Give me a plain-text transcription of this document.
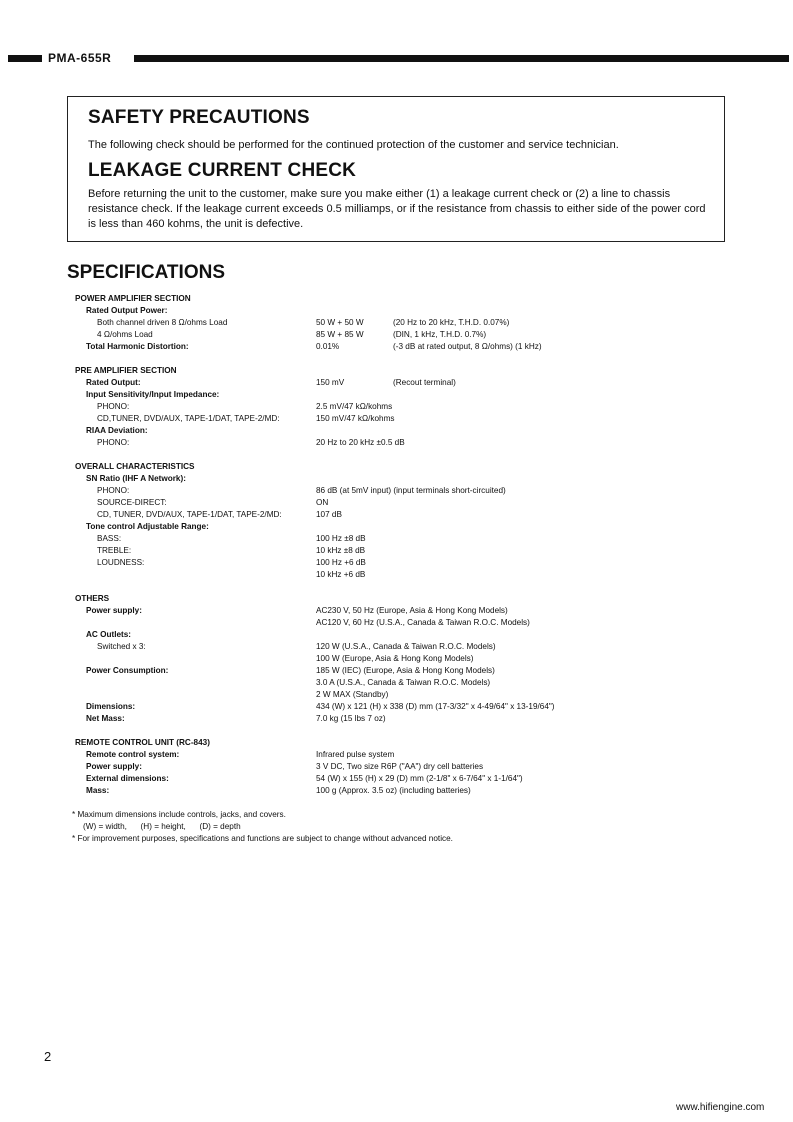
PMA-655R
SAFETY PRECAUTIONS
The following check should be performed for the continued protection of the customer and service technician.
LEAKAGE CURRENT CHECK
Before returning the unit to the customer, make sure you make either (1) a leakage current check or (2) a line to chassis resistance check. If the leakage current exceeds 0.5 milliamps, or if the resistance from chassis to either side of the power cord is less than 460 kohms, the unit is defective.
SPECIFICATIONS
POWER AMPLIFIER SECTION
Rated Output Power:
Both channel driven 8 Ω/ohms Load	50 W + 50 W	(20 Hz to 20 kHz, T.H.D. 0.07%)
4 Ω/ohms Load	85 W + 85 W	(DIN, 1 kHz, T.H.D. 0.7%)
Total Harmonic Distortion:	0.01%	(-3 dB at rated output, 8 Ω/ohms) (1 kHz)
PRE AMPLIFIER SECTION
Rated Output:	150 mV	(Recout terminal)
Input Sensitivity/Input Impedance:
PHONO:	2.5 mV/47 kΩ/kohms
CD,TUNER, DVD/AUX, TAPE-1/DAT, TAPE-2/MD:	150 mV/47 kΩ/kohms
RIAA Deviation:
PHONO:	20 Hz to 20 kHz ±0.5 dB
OVERALL CHARACTERISTICS
SN Ratio (IHF A Network):
PHONO:	86 dB (at 5mV input) (input terminals short-circuited)
SOURCE-DIRECT:	ON
CD, TUNER, DVD/AUX, TAPE-1/DAT, TAPE-2/MD:	107 dB
Tone control Adjustable Range:
BASS:	100 Hz ±8 dB
TREBLE:	10 kHz ±8 dB
LOUDNESS:	100 Hz +6 dB
10 kHz +6 dB
OTHERS
Power supply:	AC230 V, 50 Hz (Europe, Asia & Hong Kong Models)
AC120 V, 60 Hz (U.S.A., Canada & Taiwan R.O.C. Models)
AC Outlets:
Switched x 3:	120 W (U.S.A., Canada & Taiwan R.O.C. Models)
100 W (Europe, Asia & Hong Kong Models)
Power Consumption:	185 W (IEC) (Europe, Asia & Hong Kong Models)
3.0 A (U.S.A., Canada & Taiwan R.O.C. Models)
2 W MAX (Standby)
Dimensions:	434 (W) x 121 (H) x 338 (D) mm (17-3/32" x 4-49/64" x 13-19/64")
Net Mass:	7.0 kg (15 lbs 7 oz)
REMOTE CONTROL UNIT (RC-843)
Remote control system:	Infrared pulse system
Power supply:	3 V DC, Two size R6P ("AA") dry cell batteries
External dimensions:	54 (W) x 155 (H) x 29 (D) mm (2-1/8" x 6-7/64" x 1-1/64")
Mass:	100 g (Approx. 3.5 oz) (including batteries)
* Maximum dimensions include controls, jacks, and covers.
(W) = width,      (H) = height,      (D) = depth
* For improvement purposes, specifications and functions are subject to change without advanced notice.
2
www.hifiengine.com
